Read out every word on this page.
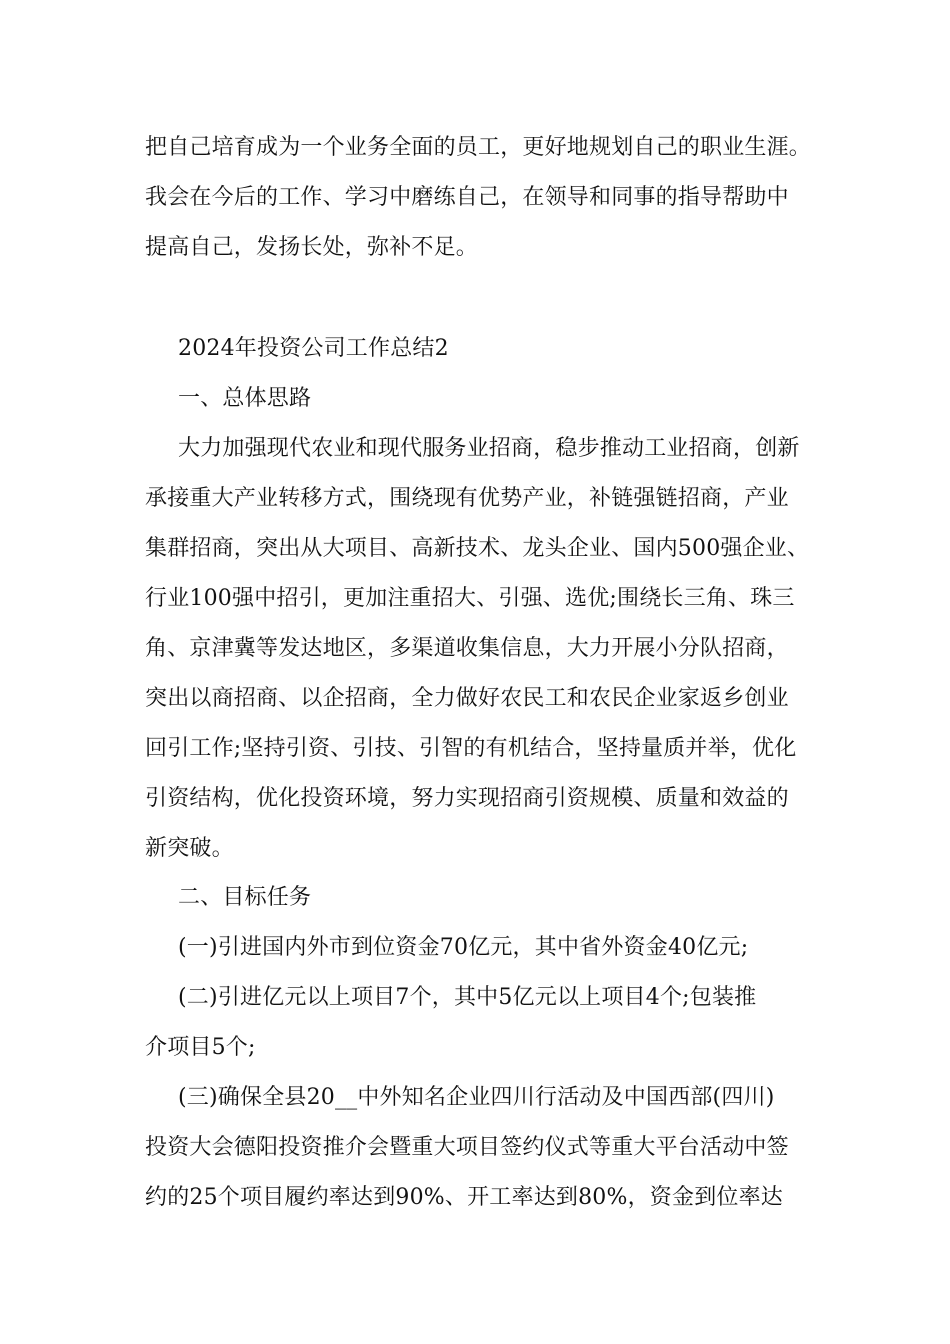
把自己培育成为一个业务全面的员工，更好地规划自己的职业生涯。
我会在今后的工作、学习中磨练自己，在领导和同事的指导帮助中
提高自己，发扬长处，弥补不足。
2024年投资公司工作总结2
一、总体思路
大力加强现代农业和现代服务业招商，稳步推动工业招商，创新
承接重大产业转移方式，围绕现有优势产业，补链强链招商，产业
集群招商，突出从大项目、高新技术、龙头企业、国内500强企业、
行业100强中招引，更加注重招大、引强、选优;围绕长三角、珠三
角、京津冀等发达地区，多渠道收集信息，大力开展小分队招商，
突出以商招商、以企招商，全力做好农民工和农民企业家返乡创业
回引工作;坚持引资、引技、引智的有机结合，坚持量质并举，优化
引资结构，优化投资环境，努力实现招商引资规模、质量和效益的
新突破。
二、目标任务
(一)引进国内外市到位资金70亿元，其中省外资金40亿元;
(二)引进亿元以上项目7个，其中5亿元以上项目4个;包装推
介项目5个;
(三)确保全县20__中外知名企业四川行活动及中国西部(四川)
投资大会德阳投资推介会暨重大项目签约仪式等重大平台活动中签
约的25个项目履约率达到90%、开工率达到80%，资金到位率达
